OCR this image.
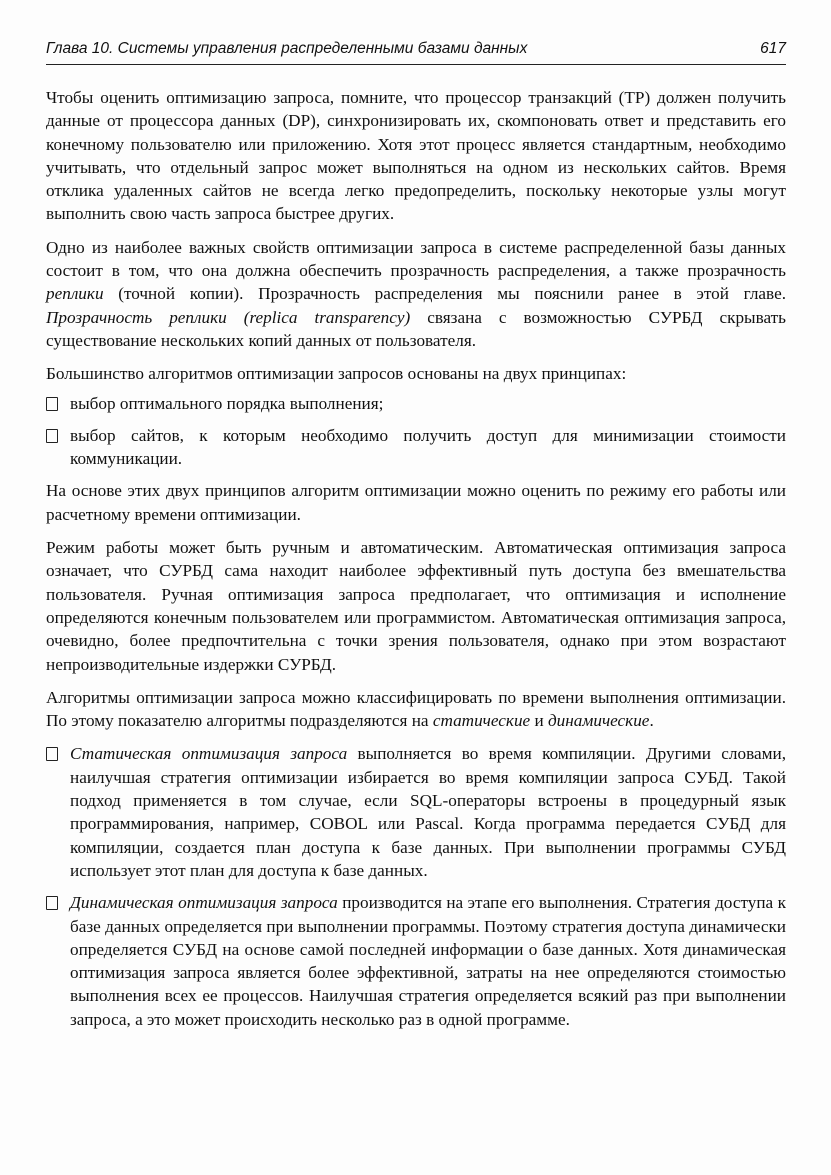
Глава 10. Системы управления распределенными базами данных	617

Чтобы оценить оптимизацию запроса, помните, что процессор транзакций (TP) должен получить данные от процессора данных (DP), синхронизировать их, скомпоновать ответ и представить его конечному пользователю или приложению. Хотя этот процесс является стандартным, необходимо учитывать, что отдельный запрос может выполняться на одном из нескольких сайтов. Время отклика удаленных сайтов не всегда легко предопределить, поскольку некоторые узлы могут выполнить свою часть запроса быстрее других.

Одно из наиболее важных свойств оптимизации запроса в системе распределенной базы данных состоит в том, что она должна обеспечить прозрачность распределения, а также прозрачность реплики (точной копии). Прозрачность распределения мы пояснили ранее в этой главе. Прозрачность реплики (replica transparency) связана с возможностью СУРБД скрывать существование нескольких копий данных от пользователя.

Большинство алгоритмов оптимизации запросов основаны на двух принципах:

выбор оптимального порядка выполнения;
выбор сайтов, к которым необходимо получить доступ для минимизации стоимости коммуникации.

На основе этих двух принципов алгоритм оптимизации можно оценить по режиму его работы или расчетному времени оптимизации.

Режим работы может быть ручным и автоматическим. Автоматическая оптимизация запроса означает, что СУРБД сама находит наиболее эффективный путь доступа без вмешательства пользователя. Ручная оптимизация запроса предполагает, что оптимизация и исполнение определяются конечным пользователем или программистом. Автоматическая оптимизация запроса, очевидно, более предпочтительна с точки зрения пользователя, однако при этом возрастают непроизводительные издержки СУРБД.

Алгоритмы оптимизации запроса можно классифицировать по времени выполнения оптимизации. По этому показателю алгоритмы подразделяются на статические и динамические.

Статическая оптимизация запроса выполняется во время компиляции. Другими словами, наилучшая стратегия оптимизации избирается во время компиляции запроса СУБД. Такой подход применяется в том случае, если SQL-операторы встроены в процедурный язык программирования, например, COBOL или Pascal. Когда программа передается СУБД для компиляции, создается план доступа к базе данных. При выполнении программы СУБД использует этот план для доступа к базе данных.
Динамическая оптимизация запроса производится на этапе его выполнения. Стратегия доступа к базе данных определяется при выполнении программы. Поэтому стратегия доступа динамически определяется СУБД на основе самой последней информации о базе данных. Хотя динамическая оптимизация запроса является более эффективной, затраты на нее определяются стоимостью выполнения всех ее процессов. Наилучшая стратегия определяется всякий раз при выполнении запроса, а это может происходить несколько раз в одной программе.
